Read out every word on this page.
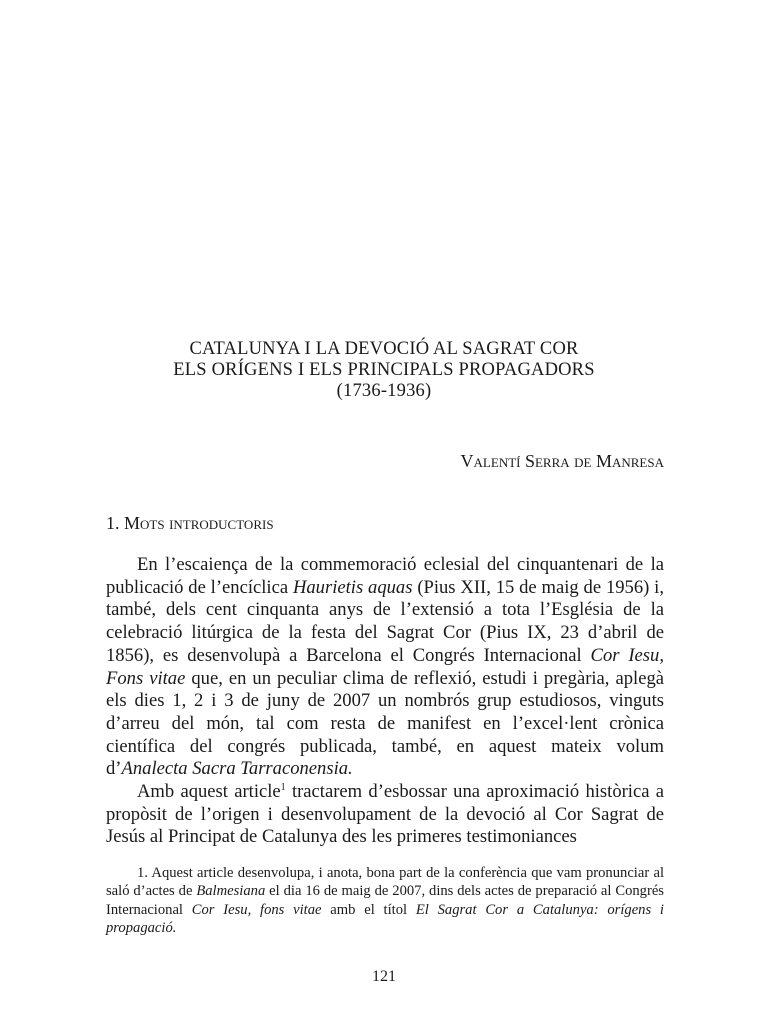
CATALUNYA I LA DEVOCIÓ AL SAGRAT COR
ELS ORÍGENS I ELS PRINCIPALS PROPAGADORS
(1736-1936)
Valentí Serra de Manresa
1. Mots introductoris

En l’escaiença de la commemoració eclesial del cinquantenari de la publicació de l’encíclica Haurietis aquas (Pius XII, 15 de maig de 1956) i, també, dels cent cinquanta anys de l’extensió a tota l’Església de la celebració litúrgica de la festa del Sagrat Cor (Pius IX, 23 d’abril de 1856), es desenvolupà a Barcelona el Congrés Internacional Cor Iesu, Fons vitae que, en un peculiar clima de reflexió, estudi i pregària, aplegà els dies 1, 2 i 3 de juny de 2007 un nombrós grup estudiosos, vinguts d’arreu del món, tal com resta de manifest en l’excel·lent crònica científica del congrés publicada, també, en aquest mateix volum d’Analecta Sacra Tarraconensia.

Amb aquest article$^1$ tractarem d’esbossar una aproximació històrica a propòsit de l’origen i desenvolupament de la devoció al Cor Sagrat de Jesús al Principat de Catalunya des les primeres testimoniances

1. Aquest article desenvolupa, i anota, bona part de la conferència que vam pronunciar al saló d’actes de Balmesiana el dia 16 de maig de 2007, dins dels actes de preparació al Congrés Internacional Cor Iesu, fons vitae amb el títol El Sagrat Cor a Catalunya: orígens i propagació.

121
